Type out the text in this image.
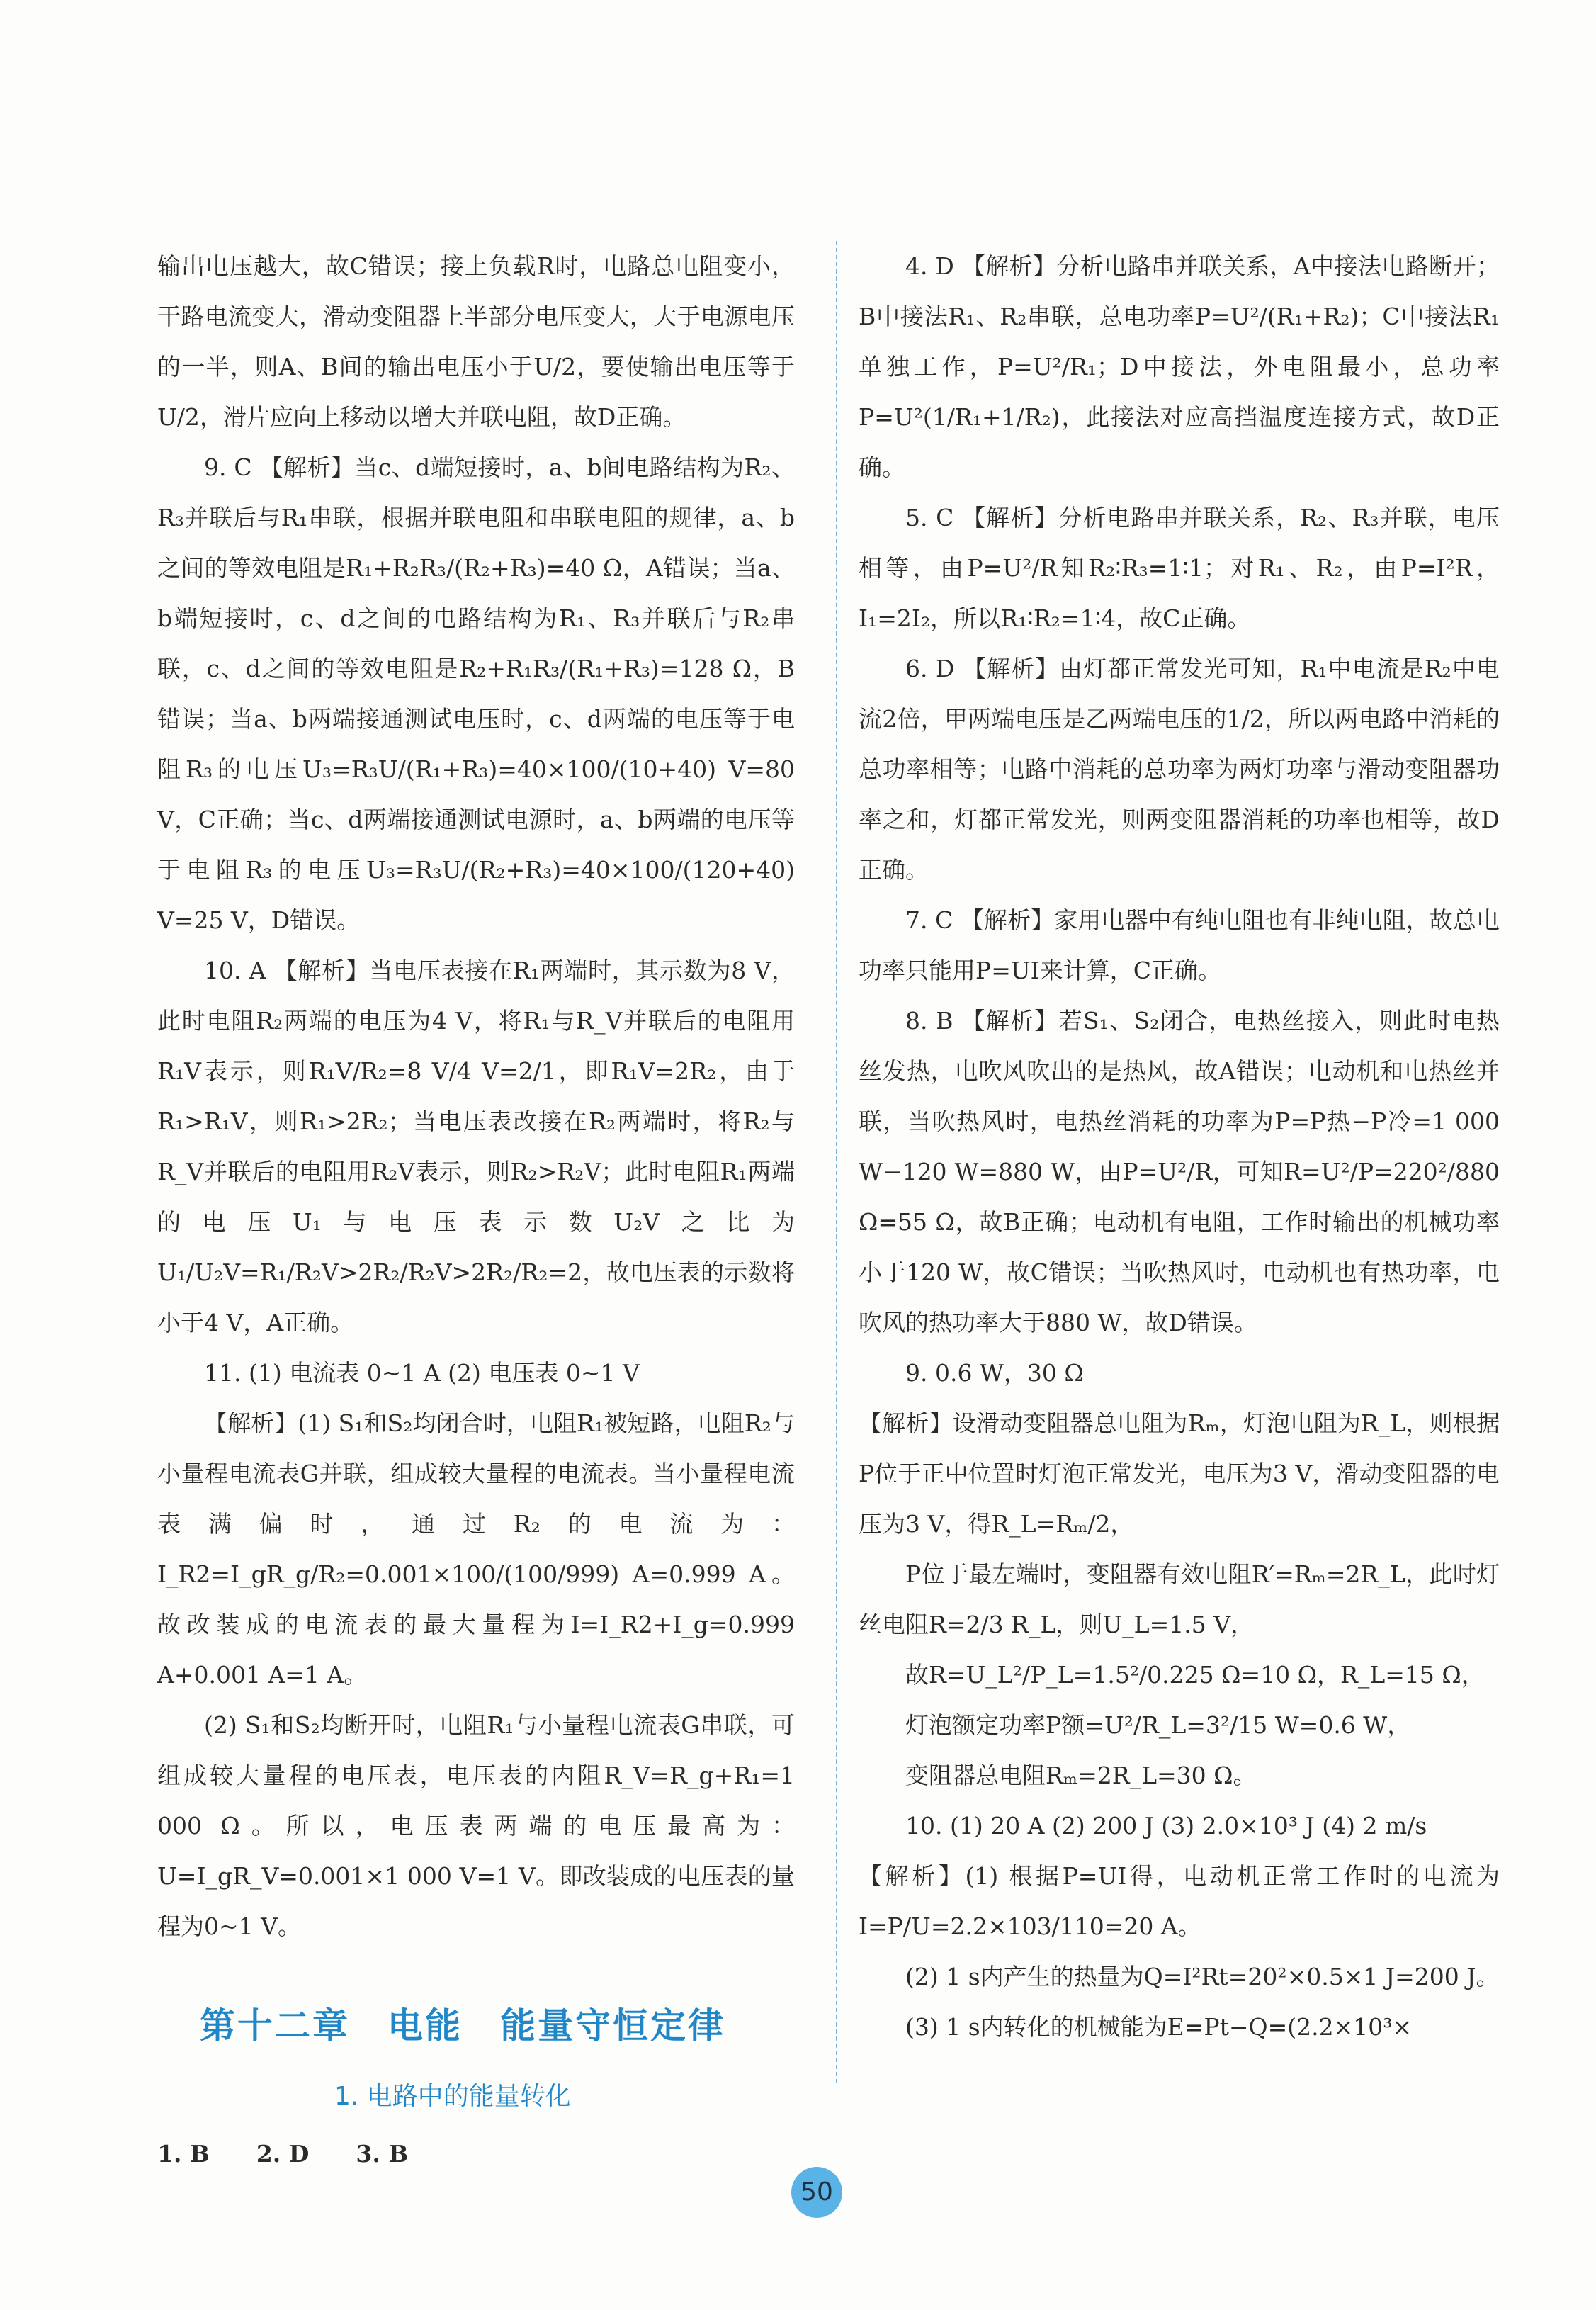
输出电压越大，故C错误；接上负载R时，电路总电阻变小，干路电流变大，滑动变阻器上半部分电压变大，大于电源电压的一半，则A、B间的输出电压小于U/2，要使输出电压等于U/2，滑片应向上移动以增大并联电阻，故D正确。

9. C 【解析】当c、d端短接时，a、b间电路结构为R₂、R₃并联后与R₁串联，根据并联电阻和串联电阻的规律，a、b之间的等效电阻是R₁+R₂R₃/(R₂+R₃)=40 Ω，A错误；当a、b端短接时，c、d之间的电路结构为R₁、R₃并联后与R₂串联，c、d之间的等效电阻是R₂+R₁R₃/(R₁+R₃)=128 Ω，B错误；当a、b两端接通测试电压时，c、d两端的电压等于电阻R₃的电压U₃=R₃U/(R₁+R₃)=40×100/(10+40) V=80 V，C正确；当c、d两端接通测试电源时，a、b两端的电压等于电阻R₃的电压U₃=R₃U/(R₂+R₃)=40×100/(120+40) V=25 V，D错误。

10. A 【解析】当电压表接在R₁两端时，其示数为8 V，此时电阻R₂两端的电压为4 V，将R₁与R_V并联后的电阻用R₁V表示，则R₁V/R₂=8 V/4 V=2/1，即R₁V=2R₂，由于R₁>R₁V，则R₁>2R₂；当电压表改接在R₂两端时，将R₂与R_V并联后的电阻用R₂V表示，则R₂>R₂V；此时电阻R₁两端的电压U₁与电压表示数U₂V之比为U₁/U₂V=R₁/R₂V>2R₂/R₂V>2R₂/R₂=2，故电压表的示数将小于4 V，A正确。

11. (1) 电流表 0~1 A (2) 电压表 0~1 V

【解析】(1) S₁和S₂均闭合时，电阻R₁被短路，电阻R₂与小量程电流表G并联，组成较大量程的电流表。当小量程电流表满偏时，通过R₂的电流为：I_R2=I_gR_g/R₂=0.001×100/(100/999) A=0.999 A。故改装成的电流表的最大量程为I=I_R2+I_g=0.999 A+0.001 A=1 A。

(2) S₁和S₂均断开时，电阻R₁与小量程电流表G串联，可组成较大量程的电压表，电压表的内阻R_V=R_g+R₁=1 000 Ω。所以，电压表两端的电压最高为：U=I_gR_V=0.001×1 000 V=1 V。即改装成的电压表的量程为0~1 V。

第十二章　电能　能量守恒定律
1. 电路中的能量转化

1. B　　2. D　　3. B

4. D 【解析】分析电路串并联关系，A中接法电路断开；B中接法R₁、R₂串联，总电功率P=U²/(R₁+R₂)；C中接法R₁单独工作，P=U²/R₁；D中接法，外电阻最小，总功率P=U²(1/R₁+1/R₂)，此接法对应高挡温度连接方式，故D正确。

5. C 【解析】分析电路串并联关系，R₂、R₃并联，电压相等，由P=U²/R知R₂∶R₃=1∶1；对R₁、R₂，由P=I²R，I₁=2I₂，所以R₁∶R₂=1∶4，故C正确。

6. D 【解析】由灯都正常发光可知，R₁中电流是R₂中电流2倍，甲两端电压是乙两端电压的1/2，所以两电路中消耗的总功率相等；电路中消耗的总功率为两灯功率与滑动变阻器功率之和，灯都正常发光，则两变阻器消耗的功率也相等，故D正确。

7. C 【解析】家用电器中有纯电阻也有非纯电阻，故总电功率只能用P=UI来计算，C正确。

8. B 【解析】若S₁、S₂闭合，电热丝接入，则此时电热丝发热，电吹风吹出的是热风，故A错误；电动机和电热丝并联，当吹热风时，电热丝消耗的功率为P=P热−P冷=1 000 W−120 W=880 W，由P=U²/R，可知R=U²/P=220²/880 Ω=55 Ω，故B正确；电动机有电阻，工作时输出的机械功率小于120 W，故C错误；当吹热风时，电动机也有热功率，电吹风的热功率大于880 W，故D错误。

9. 0.6 W，30 Ω

【解析】设滑动变阻器总电阻为Rₘ，灯泡电阻为R_L，则根据P位于正中位置时灯泡正常发光，电压为3 V，滑动变阻器的电压为3 V，得R_L=Rₘ/2，

P位于最左端时，变阻器有效电阻R′=Rₘ=2R_L，此时灯丝电阻R=2/3 R_L，则U_L=1.5 V，

故R=U_L²/P_L=1.5²/0.225 Ω=10 Ω，R_L=15 Ω，

灯泡额定功率P额=U²/R_L=3²/15 W=0.6 W，

变阻器总电阻Rₘ=2R_L=30 Ω。

10. (1) 20 A (2) 200 J (3) 2.0×10³ J (4) 2 m/s

【解析】(1) 根据P=UI得，电动机正常工作时的电流为I=P/U=2.2×103/110=20 A。

(2) 1 s内产生的热量为Q=I²Rt=20²×0.5×1 J=200 J。

(3) 1 s内转化的机械能为E=Pt−Q=(2.2×10³×

50
